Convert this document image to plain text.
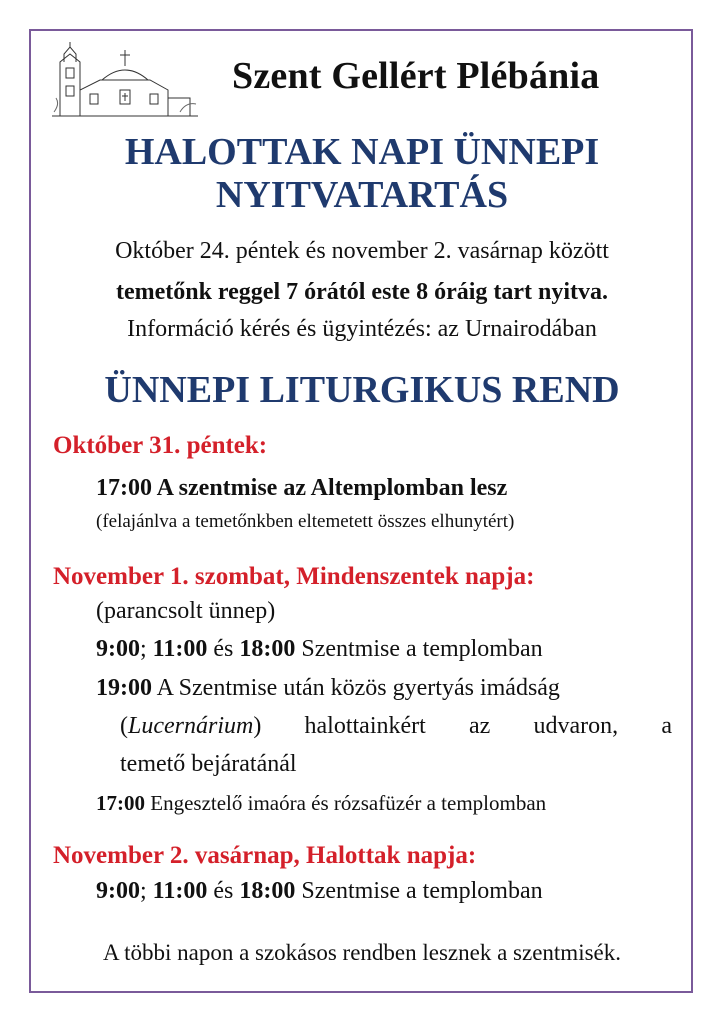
Szent Gellért Plébánia
HALOTTAK NAPI ÜNNEPI
NYITVATARTÁS
Október 24. péntek és november 2. vasárnap között
temetőnk reggel 7 órától este 8 óráig tart nyitva.
Információ kérés és ügyintézés: az Urnairodában
ÜNNEPI LITURGIKUS REND
Október 31. péntek:
17:00 A szentmise az Altemplomban lesz
(felajánlva a temetőnkben eltemetett összes elhunytért)
November 1. szombat, Mindenszentek napja:
(parancsolt ünnep)
9:00; 11:00 és 18:00 Szentmise a templomban
19:00 A Szentmise után közös gyertyás imádság
(Lucernárium) halottainkért az udvaron, a
temető bejáratánál
17:00 Engesztelő imaóra és rózsafüzér a templomban
November 2. vasárnap, Halottak napja:
9:00; 11:00 és 18:00 Szentmise a templomban
A többi napon a szokásos rendben lesznek a szentmisék.
